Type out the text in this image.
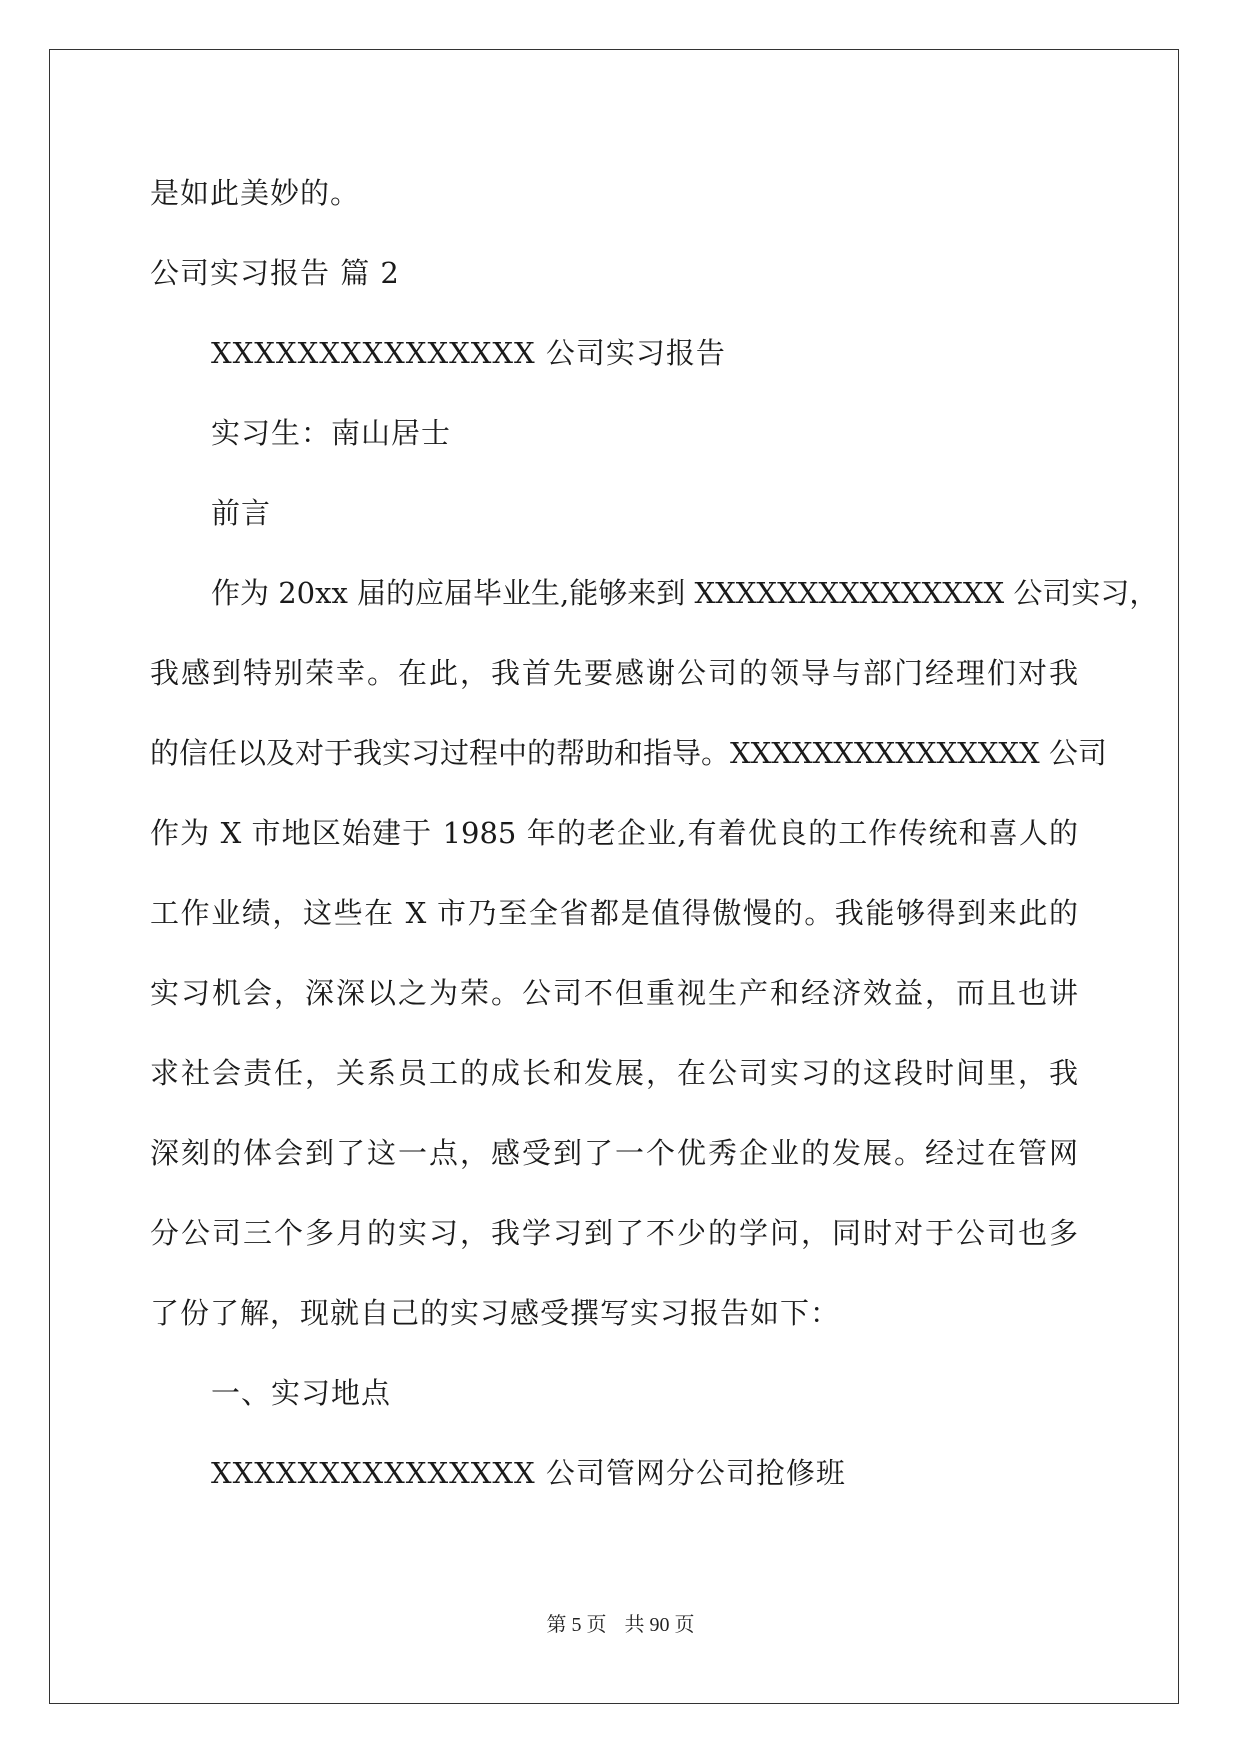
是如此美妙的。
公司实习报告 篇 2
XXXXXXXXXXXXXXX 公司实习报告
实习生：南山居士
前言
作为 20xx 届的应届毕业生,能够来到 XXXXXXXXXXXXXXX 公司实习，
我感到特别荣幸。在此，我首先要感谢公司的领导与部门经理们对我
的信任以及对于我实习过程中的帮助和指导。XXXXXXXXXXXXXXX 公司
作为 X 市地区始建于 1985 年的老企业,有着优良的工作传统和喜人的
工作业绩，这些在 X 市乃至全省都是值得傲慢的。我能够得到来此的
实习机会，深深以之为荣。公司不但重视生产和经济效益，而且也讲
求社会责任，关系员工的成长和发展，在公司实习的这段时间里，我
深刻的体会到了这一点，感受到了一个优秀企业的发展。经过在管网
分公司三个多月的实习，我学习到了不少的学问，同时对于公司也多
了份了解，现就自己的实习感受撰写实习报告如下：
一、实习地点
XXXXXXXXXXXXXXX 公司管网分公司抢修班
第 5 页 共 90 页
